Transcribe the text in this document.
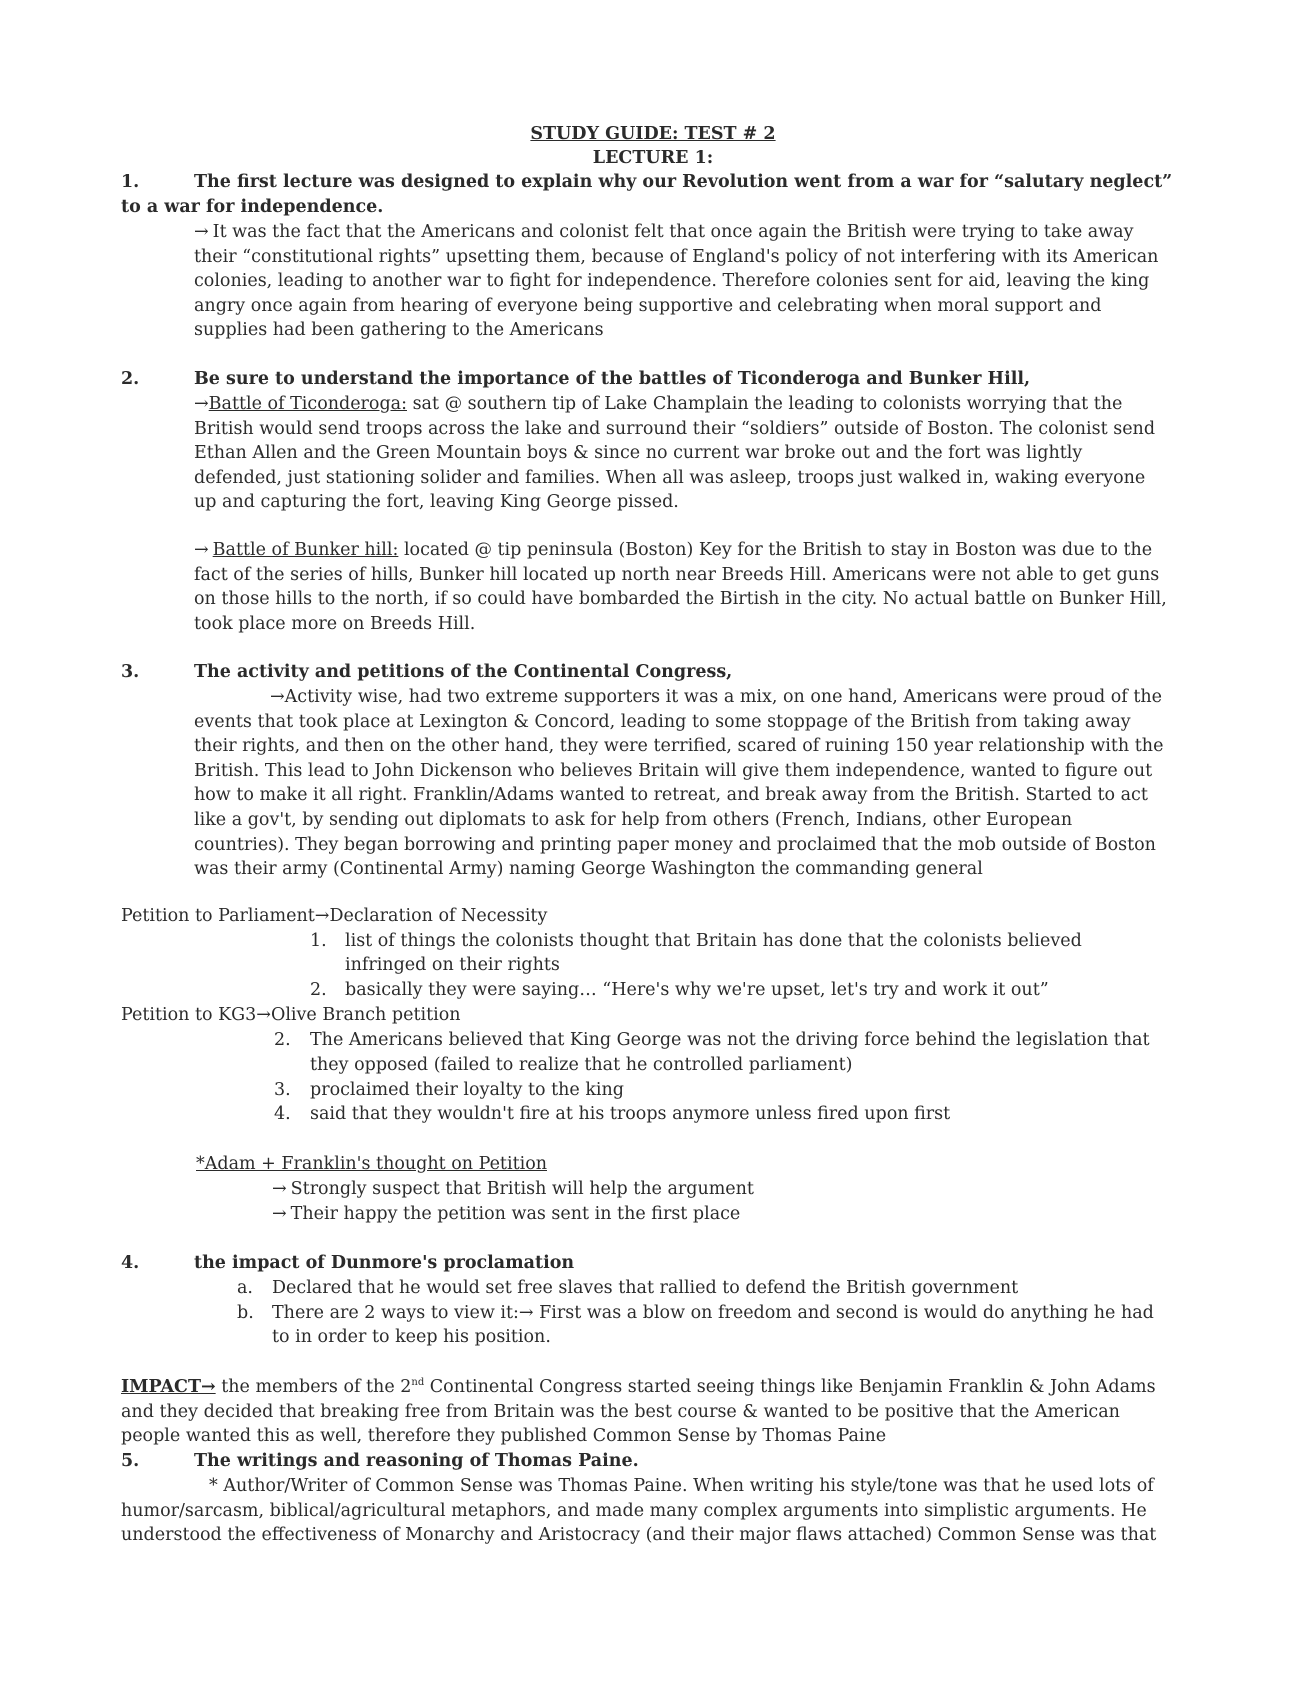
STUDY GUIDE: TEST # 2
LECTURE 1:
1.	The first lecture was designed to explain why our Revolution went from a war for “salutary neglect”
to a war for independence.
→ It was the fact that the Americans and colonist felt that once again the British were trying to take away
their “constitutional rights” upsetting them, because of England's policy of not interfering with its American
colonies, leading to another war to fight for independence. Therefore colonies sent for aid, leaving the king
angry once again from hearing of everyone being supportive and celebrating when moral support and
supplies had been gathering to the Americans
2.	Be sure to understand the importance of the battles of Ticonderoga and Bunker Hill,
→Battle of Ticonderoga: sat @ southern tip of Lake Champlain the leading to colonists worrying that the
British would send troops across the lake and surround their “soldiers” outside of Boston. The colonist send
Ethan Allen and the Green Mountain boys & since no current war broke out and the fort was lightly
defended, just stationing solider and families. When all was asleep, troops just walked in, waking everyone
up and capturing the fort, leaving King George pissed.
→ Battle of Bunker hill: located @ tip peninsula (Boston) Key for the British to stay in Boston was due to the
fact of the series of hills, Bunker hill located up north near Breeds Hill. Americans were not able to get guns
on those hills to the north, if so could have bombarded the Birtish in the city. No actual battle on Bunker Hill,
took place more on Breeds Hill.
3.	The activity and petitions of the Continental Congress,
→Activity wise, had two extreme supporters it was a mix, on one hand, Americans were proud of the
events that took place at Lexington & Concord, leading to some stoppage of the British from taking away
their rights, and then on the other hand, they were terrified, scared of ruining 150 year relationship with the
British. This lead to John Dickenson who believes Britain will give them independence, wanted to figure out
how to make it all right. Franklin/Adams wanted to retreat, and break away from the British. Started to act
like a gov't, by sending out diplomats to ask for help from others (French, Indians, other European
countries). They began borrowing and printing paper money and proclaimed that the mob outside of Boston
was their army (Continental Army) naming George Washington the commanding general
Petition to Parliament→Declaration of Necessity
1. list of things the colonists thought that Britain has done that the colonists believed
infringed on their rights
2. basically they were saying… “Here's why we're upset, let's try and work it out”
Petition to KG3→Olive Branch petition
2. The Americans believed that King George was not the driving force behind the legislation that
they opposed (failed to realize that he controlled parliament)
3. proclaimed their loyalty to the king
4. said that they wouldn't fire at his troops anymore unless fired upon first
*Adam + Franklin's thought on Petition
→ Strongly suspect that British will help the argument
→ Their happy the petition was sent in the first place
4.	the impact of Dunmore's proclamation
a. Declared that he would set free slaves that rallied to defend the British government
b. There are 2 ways to view it:→ First was a blow on freedom and second is would do anything he had
to in order to keep his position.
IMPACT→ the members of the 2nd Continental Congress started seeing things like Benjamin Franklin & John Adams
and they decided that breaking free from Britain was the best course & wanted to be positive that the American
people wanted this as well, therefore they published Common Sense by Thomas Paine
5.	The writings and reasoning of Thomas Paine.
* Author/Writer of Common Sense was Thomas Paine. When writing his style/tone was that he used lots of
humor/sarcasm, biblical/agricultural metaphors, and made many complex arguments into simplistic arguments. He
understood the effectiveness of Monarchy and Aristocracy (and their major flaws attached) Common Sense was that
